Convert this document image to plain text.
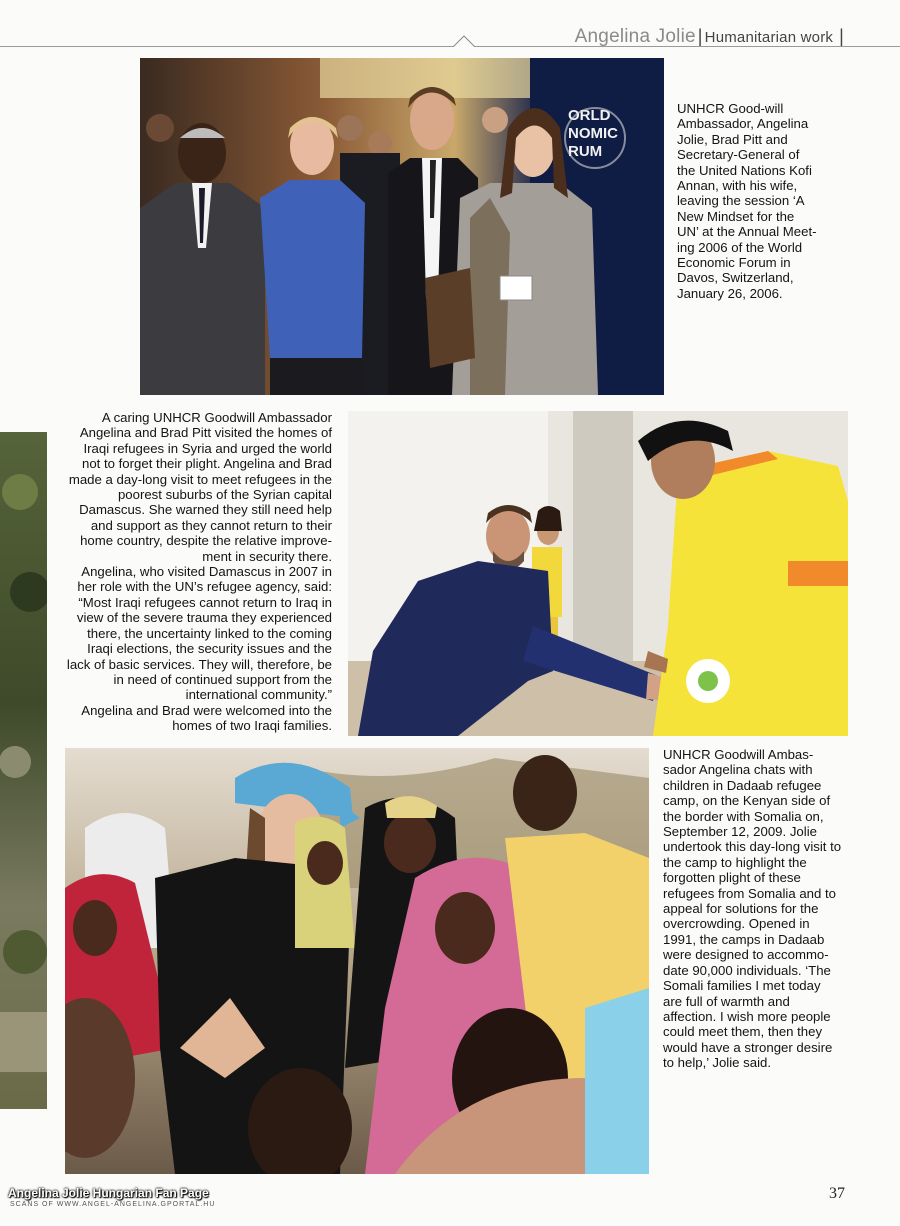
Angelina Jolie | Humanitarian work |
ORLD
NOMIC
RUM

UNHCR Good-will Ambassador, Angelina Jolie, Brad Pitt and Secretary-General of the United Nations Kofi Annan, with his wife, leaving the session ‘A New Mindset for the UN’ at the Annual Meet-ing 2006 of the World Economic Forum in Davos, Switzerland, January 26, 2006.

A caring UNHCR Goodwill Ambassador Angelina and Brad Pitt visited the homes of Iraqi refugees in Syria and urged the world not to forget their plight. Angelina and Brad made a day-long visit to meet refugees in the poorest suburbs of the Syrian capital Damascus. She warned they still need help and support as they cannot return to their home country, despite the relative improve-ment in security there.

Angelina, who visited Damascus in 2007 in her role with the UN’s refugee agency, said: “Most Iraqi refugees cannot return to Iraq in view of the severe trauma they experienced there, the uncertainty linked to the coming Iraqi elections, the security issues and the lack of basic services. They will, therefore, be in need of continued support from the international community.”

Angelina and Brad were welcomed into the homes of two Iraqi families.

UNHCR Goodwill Ambas-sador Angelina chats with children in Dadaab refugee camp, on the Kenyan side of the border with Somalia on, September 12, 2009. Jolie undertook this day-long visit to the camp to highlight the forgotten plight of these refugees from Somalia and to appeal for solutions for the overcrowding. Opened in 1991, the camps in Dadaab were designed to accommo-date 90,000 individuals. ‘The Somali families I met today are full of warmth and affection. I wish more people could meet them, then they would have a stronger desire to help,’ Jolie said.

Angelina Jolie Hungarian Fan Page
SCANS OF WWW.ANGEL-ANGELINA.GPORTAL.HU
37
